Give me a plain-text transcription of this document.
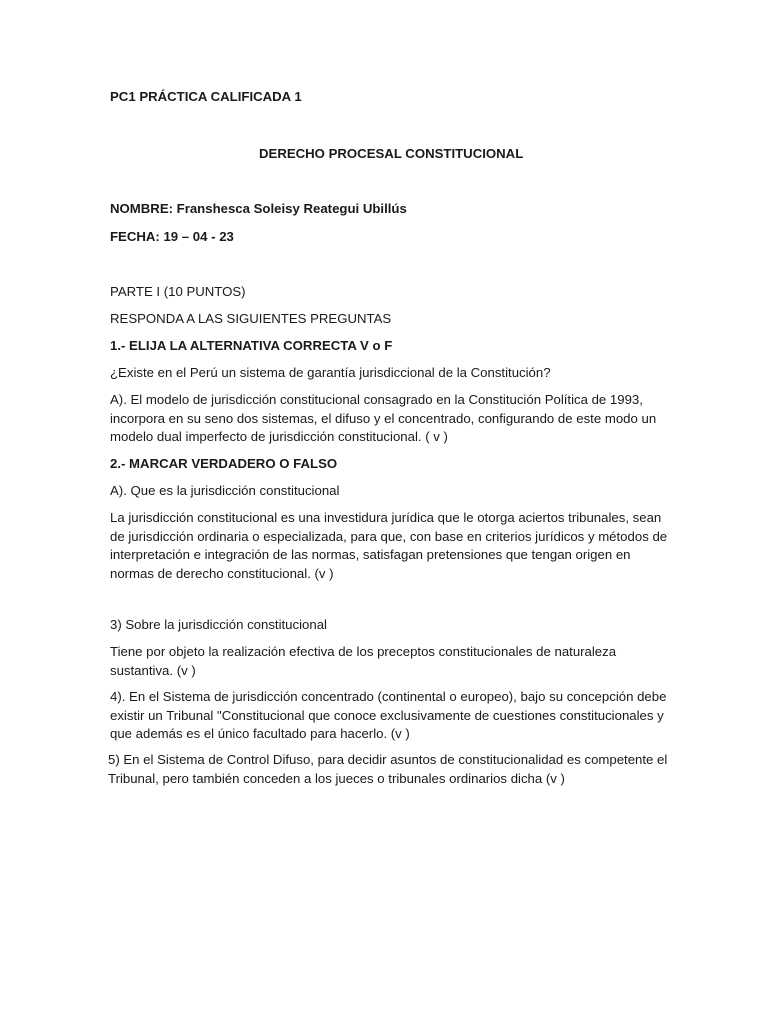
PC1 PRÁCTICA CALIFICADA 1
DERECHO PROCESAL CONSTITUCIONAL
NOMBRE: Franshesca Soleisy Reategui Ubillús
FECHA: 19 – 04 - 23
PARTE I (10 PUNTOS)
RESPONDA A LAS SIGUIENTES PREGUNTAS
1.- ELIJA LA ALTERNATIVA CORRECTA V o F
¿Existe en el Perú un sistema de garantía jurisdiccional de la Constitución?
A). El modelo de jurisdicción constitucional consagrado en la Constitución Política de 1993,
incorpora en su seno dos sistemas, el difuso y el concentrado, configurando de este modo un
modelo dual imperfecto de jurisdicción constitucional. ( v )
2.- MARCAR VERDADERO O FALSO
A). Que es la jurisdicción constitucional
La jurisdicción constitucional es una investidura jurídica que le otorga aciertos tribunales, sean
de jurisdicción ordinaria o especializada, para que, con base en criterios jurídicos y métodos de
interpretación e integración de las normas, satisfagan pretensiones que tengan origen en
normas de derecho constitucional. (v )
3) Sobre la jurisdicción constitucional
Tiene por objeto la realización efectiva de los preceptos constitucionales de naturaleza
sustantiva. (v )
4). En el Sistema de jurisdicción concentrado (continental o europeo), bajo su concepción debe
existir un Tribunal "Constitucional que conoce exclusivamente de cuestiones constitucionales y
que además es el único facultado para hacerlo. (v )
5) En el Sistema de Control Difuso, para decidir asuntos de constitucionalidad es competente el
Tribunal, pero también conceden a los jueces o tribunales ordinarios dicha (v )
